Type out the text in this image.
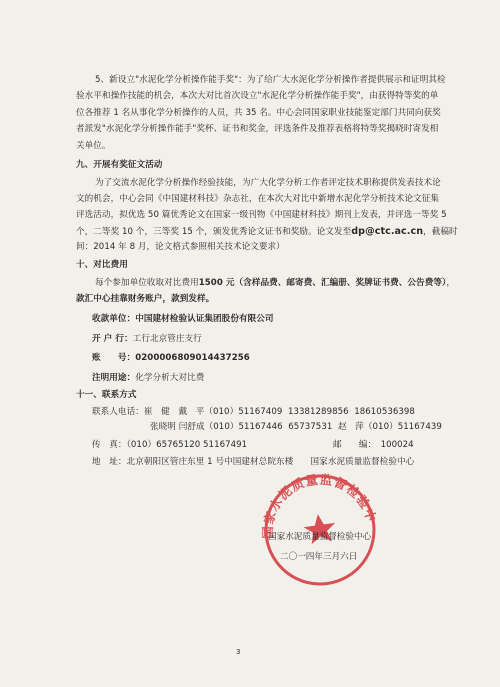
5、新设立"水泥化学分析操作能手奖"：为了给广大水泥化学分析操作者提供展示和证明其检
验水平和操作技能的机会，本次大对比首次设立"水泥化学分析操作能手奖"，由获得特等奖的单
位各推荐 1 名从事化学分析操作的人员，共 35 名。中心会同国家职业技能鉴定部门共同向获奖
者派发"水泥化学分析操作能手"奖杯、证书和奖金，评选条件及推荐表格将特等奖揭晓时寄发相
关单位。
九、开展有奖征文活动
为了交流水泥化学分析操作经验技能，为广大化学分析工作者评定技术职称提供发表技术论
文的机会，中心会同《中国建材科技》杂志社，在本次大对比中新增水泥化学分析技术论文征集
评选活动，拟优选 50 篇优秀论文在国家一级刊物《中国建材科技》期刊上发表，并评选一等奖 5
个，二等奖 10 个，三等奖 15 个，颁发优秀论文证书和奖励。论文发至dp@ctc.ac.cn，截稿时
间：2014 年 8 月，论文格式参照相关技术论文要求）
十、对比费用
每个参加单位收取对比费用1500 元（含样品费、邮寄费、汇编册、奖牌证书费、公告费等），
款汇中心挂靠财务账户，款到发样。
收款单位：中国建材检验认证集团股份有限公司
开 户 行：工行北京管庄支行
账　　号：0200006809014437256
注明用途：化学分析大对比费
十一、联系方式
联系人电话：崔　健　戴　平（010）51167409 13381289856 18610536398
张晓明 闫舒成（010）51167446 65737531 赵　萍（010）51167439
传　真：（010）65765120 51167491	邮　　编：　100024
地　址：北京朝阳区管庄东里 1 号中国建材总院东楼　　国家水泥质量监督检验中心
国家水泥质量监督检验中心
国家水泥质量监督检验中心
二〇一四年三月六日
3
